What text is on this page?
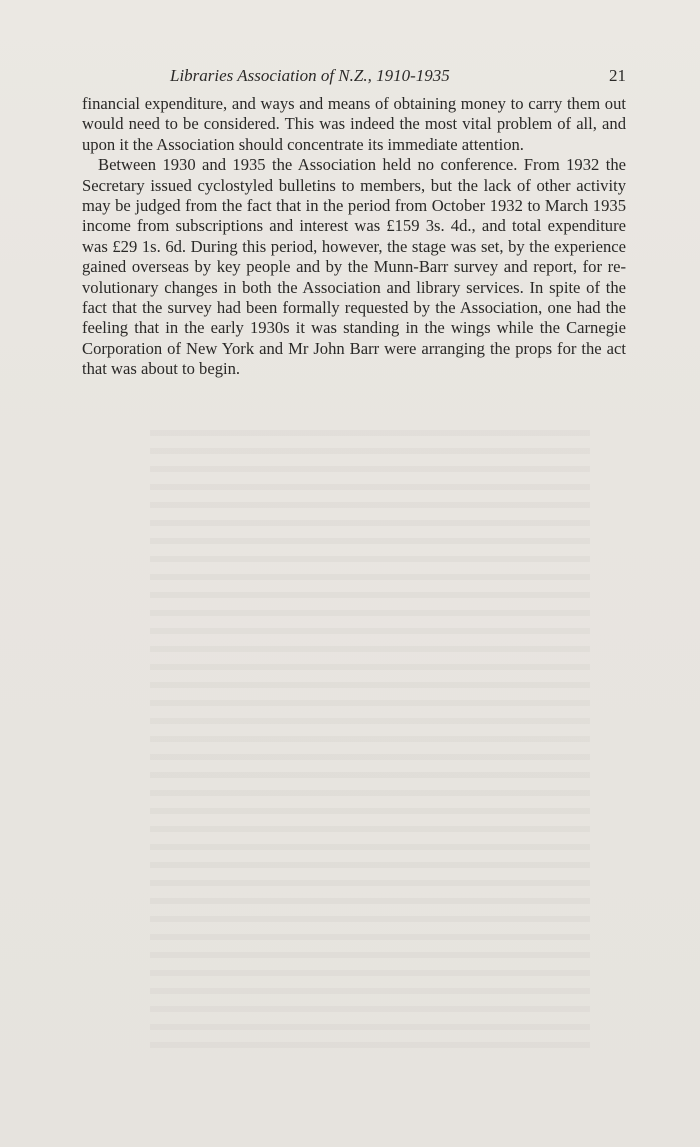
Libraries Association of N.Z., 1910-1935	21

financial expenditure, and ways and means of obtaining money to carry them out would need to be considered. This was indeed the most vital problem of all, and upon it the Association should concentrate its immediate attention.

Between 1930 and 1935 the Association held no conference. From 1932 the Secretary issued cyclostyled bulletins to members, but the lack of other activity may be judged from the fact that in the period from October 1932 to March 1935 income from subscriptions and interest was £159 3s. 4d., and total expenditure was £29 1s. 6d. During this period, however, the stage was set, by the experience gained overseas by key people and by the Munn-Barr survey and report, for revolutionary changes in both the Association and library services. In spite of the fact that the survey had been formally requested by the Association, one had the feeling that in the early 1930s it was standing in the wings while the Carnegie Corporation of New York and Mr John Barr were arranging the props for the act that was about to begin.
